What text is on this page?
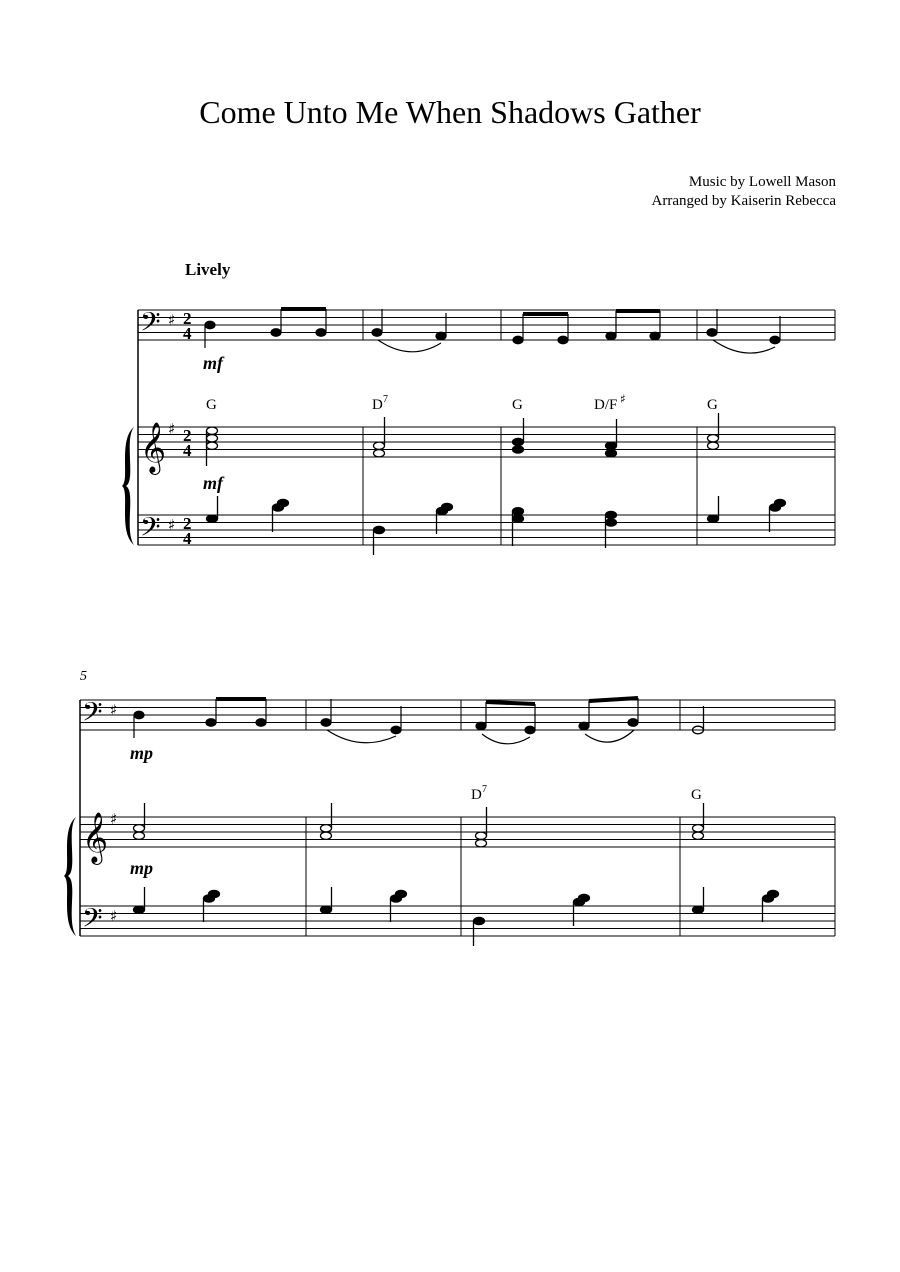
Come Unto Me When Shadows Gather
Music by Lowell Mason
Arranged by Kaiserin Rebecca
Lively
5
𝄢
𝄞
𝄢
𝄢
𝄞
𝄢
♯
♯
♯
♯
♯
♯
2
4
2
4
2
4
G	D 7	G	D/F ♯	G
D 7	G
mf
mf
mp
mp
